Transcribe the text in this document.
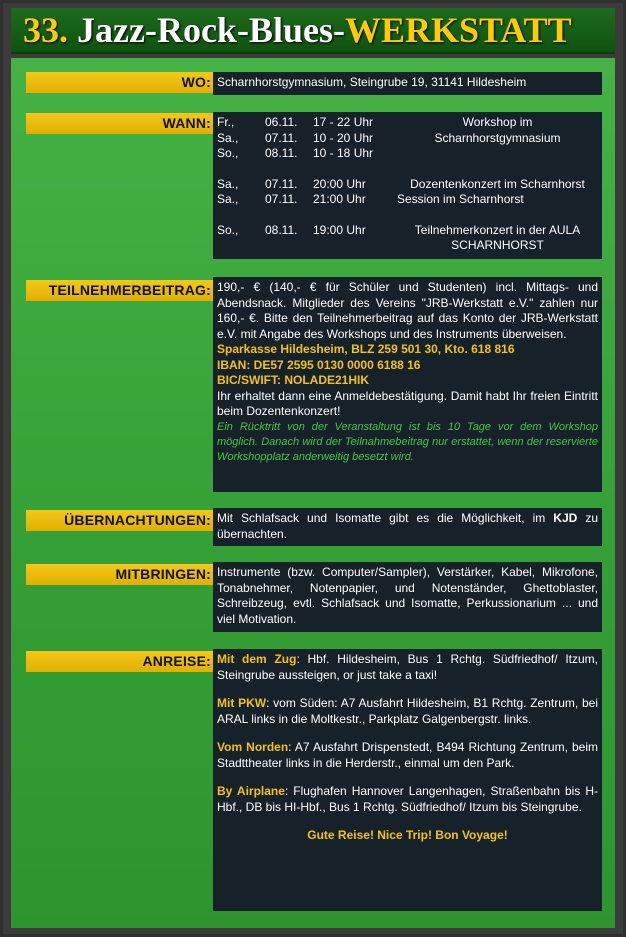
33. Jazz-Rock-Blues-WERKSTATT
WO: Scharnhorstgymnasium, Steingrube 19, 31141 Hildesheim
WANN: Fr.,	06.11.	17 - 22 Uhr	Workshop im
Sa.,	07.11.	10 - 20 Uhr	Scharnhorstgymnasium
So.,	08.11.	10 - 18 Uhr
Sa.,	07.11.	20:00 Uhr	Dozentenkonzert im Scharnhorst
Sa.,	07.11.	21:00 Uhr	Session im Scharnhorst
So.,	08.11.	19:00 Uhr	Teilnehmerkonzert in der AULA
SCHARNHORST
TEILNEHMERBEITRAG: 190,- € (140,- € für Schüler und Studenten) incl. Mittags- und Abendsnack. Mitglieder des Vereins "JRB-Werkstatt e.V." zahlen nur 160,- €. Bitte den Teilnehmerbeitrag auf das Konto der JRB-Werkstatt e.V. mit Angabe des Workshops und des Instruments überweisen.
Sparkasse Hildesheim, BLZ 259 501 30, Kto. 618 816
IBAN: DE57 2595 0130 0000 6188 16
BIC/SWIFT: NOLADE21HIK
Ihr erhaltet dann eine Anmeldebestätigung. Damit habt Ihr freien Eintritt beim Dozentenkonzert!
Ein Rücktritt von der Veranstaltung ist bis 10 Tage vor dem Workshop möglich. Danach wird der Teilnahmebeitrag nur erstattet, wenn der reservierte Workshopplatz anderweitig besetzt wird.
ÜBERNACHTUNGEN: Mit Schlafsack und Isomatte gibt es die Möglichkeit, im KJD zu übernachten.
MITBRINGEN: Instrumente (bzw. Computer/Sampler), Verstärker, Kabel, Mikrofone, Tonabnehmer, Notenpapier, und Notenständer, Ghettoblaster, Schreibzeug, evtl. Schlafsack und Isomatte, Perkussionarium ... und viel Motivation.
ANREISE: Mit dem Zug: Hbf. Hildesheim, Bus 1 Rchtg. Südfriedhof/ Itzum, Steingrube aussteigen, or just take a taxi!
Mit PKW: vom Süden: A7 Ausfahrt Hildesheim, B1 Rchtg. Zentrum, bei ARAL links in die Moltkestr., Parkplatz Galgenbergstr. links.
Vom Norden: A7 Ausfahrt Drispenstedt, B494 Richtung Zentrum, beim Stadttheater links in die Herderstr., einmal um den Park.
By Airplane: Flughafen Hannover Langenhagen, Straßenbahn bis H-Hbf., DB bis HI-Hbf., Bus 1 Rchtg. Südfriedhof/ Itzum bis Steingrube.
Gute Reise! Nice Trip! Bon Voyage!
